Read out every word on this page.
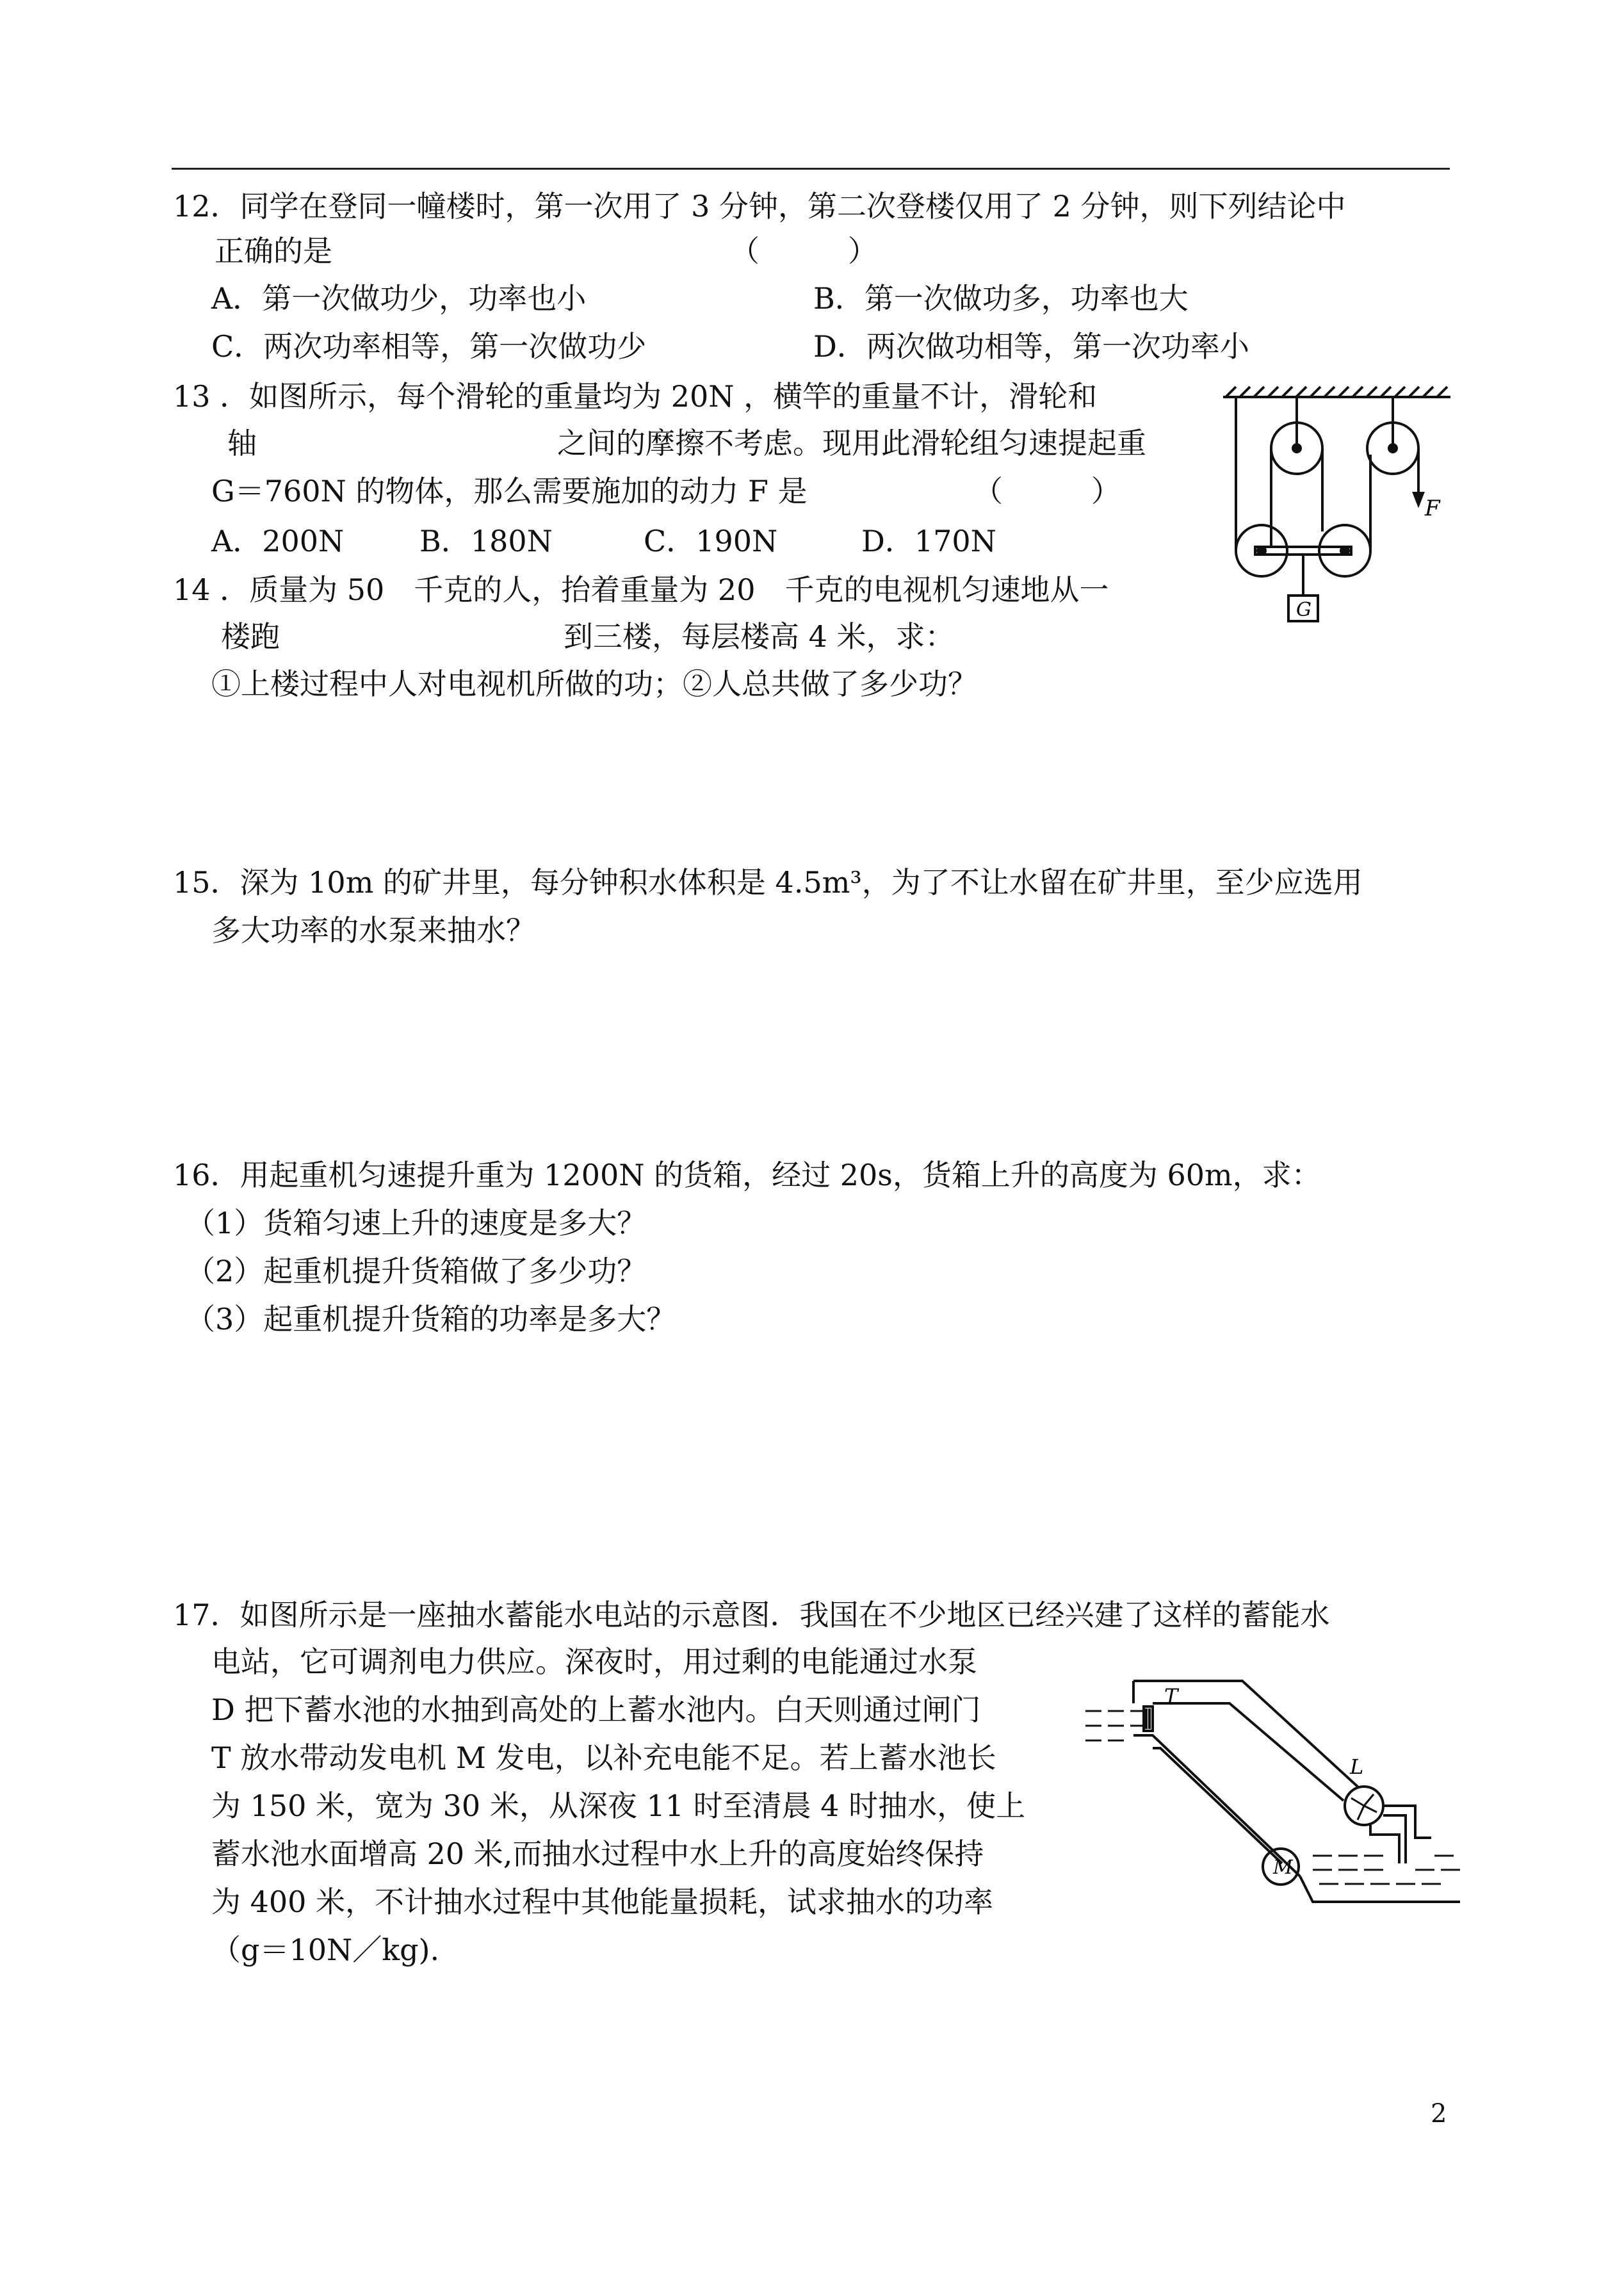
12．同学在登同一幢楼时，第一次用了 3 分钟，第二次登楼仅用了 2 分钟，则下列结论中
正确的是	（　　　）
A．第一次做功少，功率也小	B．第一次做功多，功率也大
C．两次功率相等，第一次做功少	D．两次做功相等，第一次功率小
13 ．如图所示，每个滑轮的重量均为 20N ，横竿的重量不计，滑轮和
轴	之间的摩擦不考虑。现用此滑轮组匀速提起重
G＝760N 的物体，那么需要施加的动力 F 是	（　　　）
A．200N	B．180N	C．190N	D．170N
F
G
14 ．质量为 50　千克的人，抬着重量为 20　千克的电视机匀速地从一
楼跑	到三楼，每层楼高 4 米，求：
①上楼过程中人对电视机所做的功；②人总共做了多少功？
15．深为 10m 的矿井里，每分钟积水体积是 4.5m³，为了不让水留在矿井里，至少应选用
多大功率的水泵来抽水？
16．用起重机匀速提升重为 1200N 的货箱，经过 20s，货箱上升的高度为 60m，求：
（1）货箱匀速上升的速度是多大？
（2）起重机提升货箱做了多少功？
（3）起重机提升货箱的功率是多大？
17．如图所示是一座抽水蓄能水电站的示意图．我国在不少地区已经兴建了这样的蓄能水
电站，它可调剂电力供应。深夜时，用过剩的电能通过水泵
D 把下蓄水池的水抽到高处的上蓄水池内。白天则通过闸门
T 放水带动发电机 M 发电，以补充电能不足。若上蓄水池长
为 150 米，宽为 30 米，从深夜 11 时至清晨 4 时抽水，使上
蓄水池水面增高 20 米,而抽水过程中水上升的高度始终保持
为 400 米，不计抽水过程中其他能量损耗，试求抽水的功率
（g＝10N／kg).
T
L
M
2
